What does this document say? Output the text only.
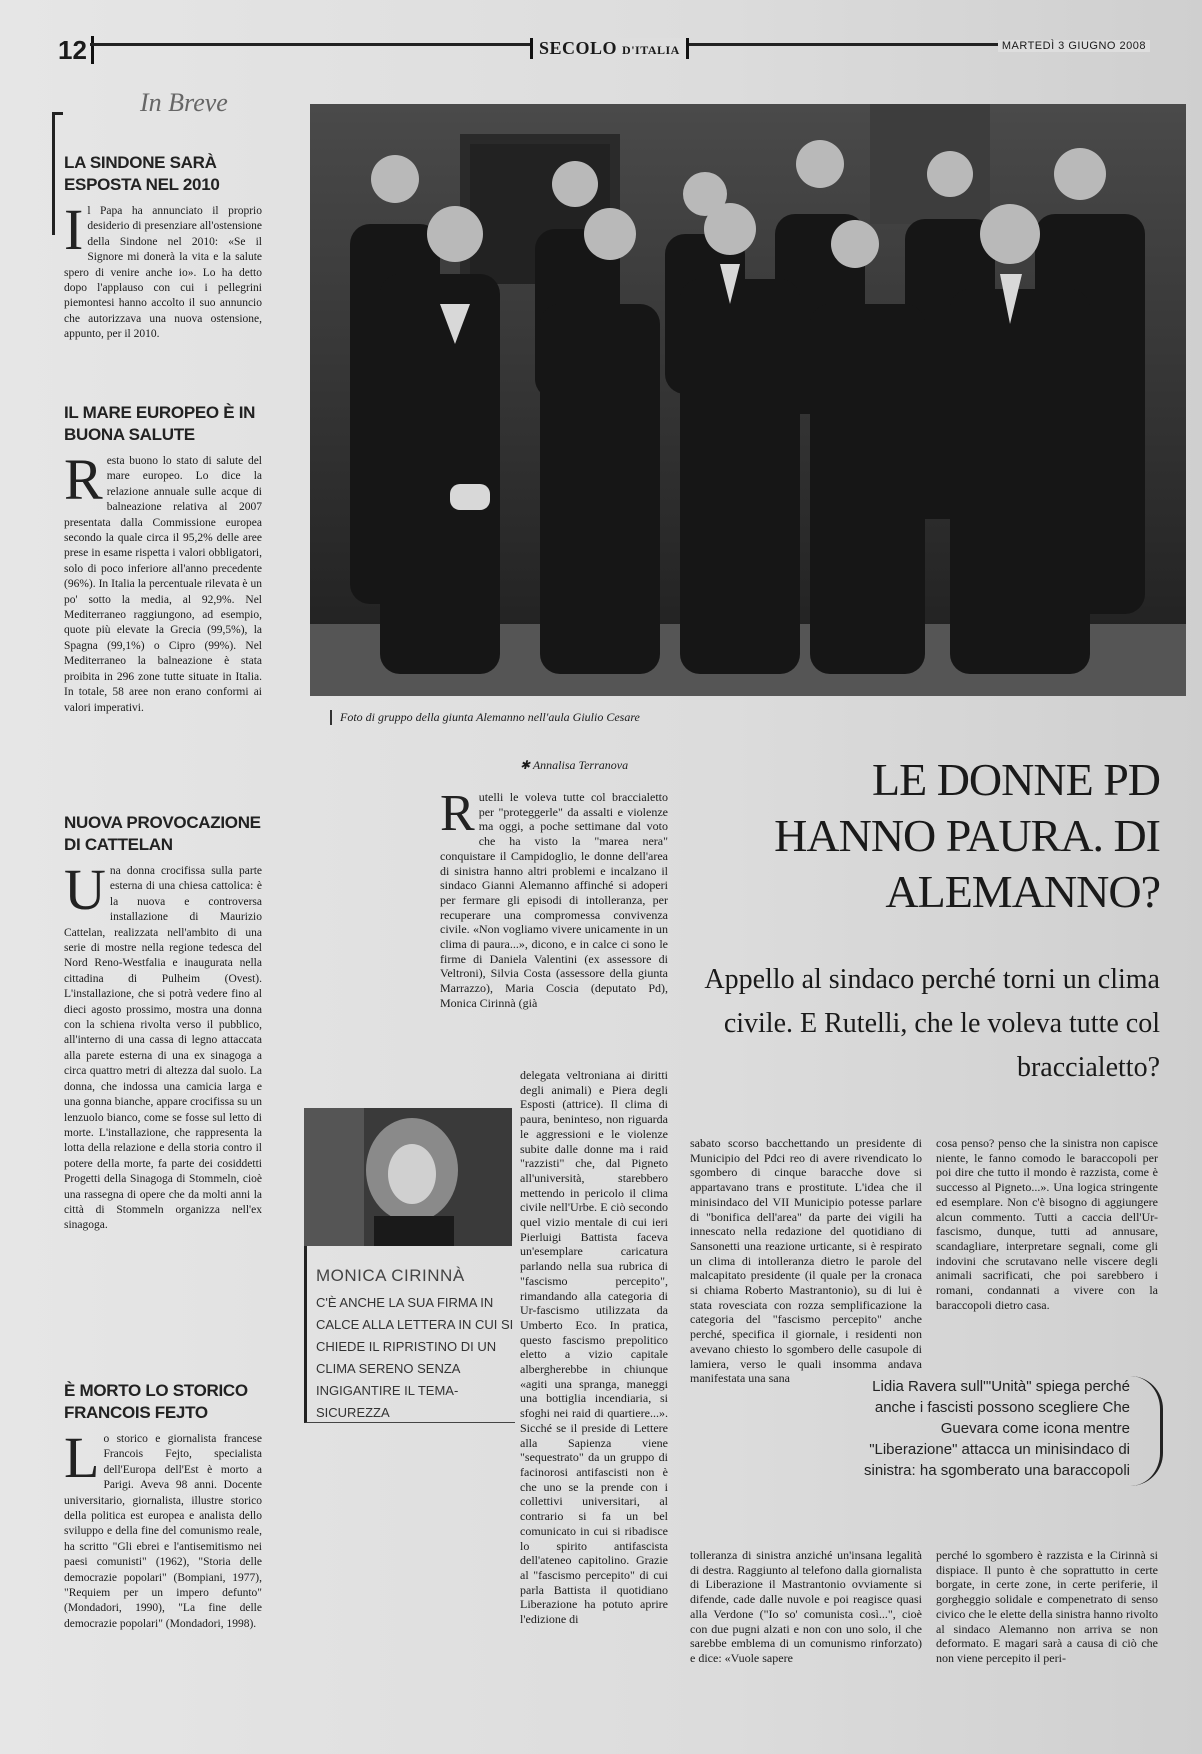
12	SECOLO D'ITALIA	MARTEDÌ 3 GIUGNO 2008
In Breve
LA SINDONE SARÀ ESPOSTA NEL 2010

Il Papa ha annunciato il proprio desiderio di presenziare all'ostensione della Sindone nel 2010: «Se il Signore mi donerà la vita e la salute spero di venire anche io». Lo ha detto dopo l'applauso con cui i pellegrini piemontesi hanno accolto il suo annuncio che autorizzava una nuova ostensione, appunto, per il 2010.

IL MARE EUROPEO È IN BUONA SALUTE

Resta buono lo stato di salute del mare europeo. Lo dice la relazione annuale sulle acque di balneazione relativa al 2007 presentata dalla Commissione europea secondo la quale circa il 95,2% delle aree prese in esame rispetta i valori obbligatori, solo di poco inferiore all'anno precedente (96%). In Italia la percentuale rilevata è un po' sotto la media, al 92,9%. Nel Mediterraneo raggiungono, ad esempio, quote più elevate la Grecia (99,5%), la Spagna (99,1%) o Cipro (99%). Nel Mediterraneo la balneazione è stata proibita in 296 zone tutte situate in Italia. In totale, 58 aree non erano conformi ai valori imperativi.

NUOVA PROVOCAZIONE DI CATTELAN

Una donna crocifissa sulla parte esterna di una chiesa cattolica: è la nuova e controversa installazione di Maurizio Cattelan, realizzata nell'ambito di una serie di mostre nella regione tedesca del Nord Reno-Westfalia e inaugurata nella cittadina di Pulheim (Ovest). L'installazione, che si potrà vedere fino al dieci agosto prossimo, mostra una donna con la schiena rivolta verso il pubblico, all'interno di una cassa di legno attaccata alla parete esterna di una ex sinagoga a circa quattro metri di altezza dal suolo. La donna, che indossa una camicia larga e una gonna bianche, appare crocifissa su un lenzuolo bianco, come se fosse sul letto di morte. L'installazione, che rappresenta la lotta della relazione e della storia contro il potere della morte, fa parte dei cosiddetti Progetti della Sinagoga di Stommeln, cioè una rassegna di opere che da molti anni la città di Stommeln organizza nell'ex sinagoga.

È MORTO LO STORICO FRANCOIS FEJTO

Lo storico e giornalista francese Francois Fejto, specialista dell'Europa dell'Est è morto a Parigi. Aveva 98 anni. Docente universitario, giornalista, illustre storico della politica est europea e analista dello sviluppo e della fine del comunismo reale, ha scritto "Gli ebrei e l'antisemitismo nei paesi comunisti" (1962), "Storia delle democrazie popolari" (Bompiani, 1977), "Requiem per un impero defunto" (Mondadori, 1990), "La fine delle democrazie popolari" (Mondadori, 1998).

Foto di gruppo della giunta Alemanno nell'aula Giulio Cesare
✱ Annalisa Terranova	LE DONNE PD HANNO PAURA. DI ALEMANNO?
Appello al sindaco perché torni un clima civile. E Rutelli, che le voleva tutte col braccialetto?

Rutelli le voleva tutte col braccialetto per "proteggerle" da assalti e violenze ma oggi, a poche settimane dal voto che ha visto la "marea nera" conquistare il Campidoglio, le donne dell'area di sinistra hanno altri problemi e incalzano il sindaco Gianni Alemanno affinché si adoperi per fermare gli episodi di intolleranza, per recuperare una compromessa convivenza civile. «Non vogliamo vivere unicamente in un clima di paura...», dicono, e in calce ci sono le firme di Daniela Valentini (ex assessore di Veltroni), Silvia Costa (assessore della giunta Marrazzo), Maria Coscia (deputato Pd), Monica Cirinnà (già

delegata veltroniana ai diritti degli animali) e Piera degli Esposti (attrice). Il clima di paura, beninteso, non riguarda le aggressioni e le violenze subite dalle donne ma i raid "razzisti" che, dal Pigneto all'università, starebbero mettendo in pericolo il clima civile nell'Urbe. E ciò secondo quel vizio mentale di cui ieri Pierluigi Battista faceva un'esemplare caricatura parlando nella sua rubrica di "fascismo percepito", rimandando alla categoria di Ur-fascismo utilizzata da Umberto Eco. In pratica, questo fascismo prepolitico eletto a vizio capitale albergherebbe in chiunque «agiti una spranga, maneggi una bottiglia incendiaria, si sfoghi nei raid di quartiere...». Sicché se il preside di Lettere alla Sapienza viene "sequestrato" da un gruppo di facinorosi antifascisti non è che uno se la prende con i collettivi universitari, al contrario si fa un bel comunicato in cui si ribadisce lo spirito antifascista dell'ateneo capitolino. Grazie al "fascismo percepito" di cui parla Battista il quotidiano Liberazione ha potuto aprire l'edizione di

sabato scorso bacchettando un presidente di Municipio del Pdci reo di avere rivendicato lo sgombero di cinque baracche dove si appartavano trans e prostitute. L'idea che il minisindaco del VII Municipio potesse parlare di "bonifica dell'area" da parte dei vigili ha innescato nella redazione del quotidiano di Sansonetti una reazione urticante, si è respirato un clima di intolleranza dietro le parole del malcapitato presidente (il quale per la cronaca si chiama Roberto Mastrantonio), su di lui è stata rovesciata con rozza semplificazione la categoria del "fascismo percepito" anche perché, specifica il giornale, i residenti non avevano chiesto lo sgombero delle casupole di lamiera, verso le quali insomma andava manifestata una sana

cosa penso? penso che la sinistra non capisce niente, le fanno comodo le baraccopoli per poi dire che tutto il mondo è razzista, come è successo al Pigneto...». Una logica stringente ed esemplare. Non c'è bisogno di aggiungere alcun commento. Tutti a caccia dell'Ur-fascismo, dunque, tutti ad annusare, scandagliare, interpretare segnali, come gli indovini che scrutavano nelle viscere degli animali sacrificati, che poi sarebbero i romani, condannati a vivere con la baraccopoli dietro casa.

tolleranza di sinistra anziché un'insana legalità di destra. Raggiunto al telefono dalla giornalista di Liberazione il Mastrantonio ovviamente si difende, cade dalle nuvole e poi reagisce quasi alla Verdone ("Io so' comunista così...", cioè con due pugni alzati e non con uno solo, il che sarebbe emblema di un comunismo rinforzato) e dice: «Vuole sapere

perché lo sgombero è razzista e la Cirinnà si dispiace. Il punto è che soprattutto in certe borgate, in certe zone, in certe periferie, il gorgheggio solidale e compenetrato di senso civico che le elette della sinistra hanno rivolto al sindaco Alemanno non arriva se non deformato. E magari sarà a causa di ciò che non viene percepito il peri-

MONICA CIRINNÀ
C'È ANCHE LA SUA FIRMA IN CALCE ALLA LETTERA IN CUI SI CHIEDE IL RIPRISTINO DI UN CLIMA SERENO SENZA INGIGANTIRE IL TEMA-SICUREZZA
Lidia Ravera sull'"Unità" spiega perché anche i fascisti possono scegliere Che Guevara come icona mentre "Liberazione" attacca un minisindaco di sinistra: ha sgomberato una baraccopoli
